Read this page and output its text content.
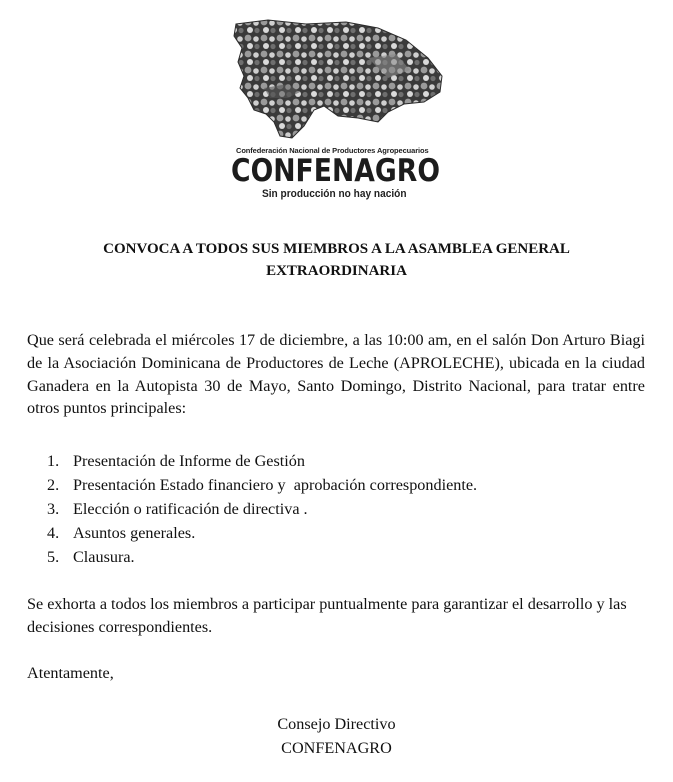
Confederación Nacional de Productores Agropecuarios
CONFENAGRO
Sin producción no hay nación
CONVOCA A TODOS SUS MIEMBROS A LA ASAMBLEA GENERAL
EXTRAORDINARIA
Que será celebrada el miércoles 17 de diciembre, a las 10:00 am, en el salón Don Arturo Biagi de la Asociación Dominicana de Productores de Leche (APROLECHE), ubicada en la ciudad Ganadera en la Autopista 30 de Mayo, Santo Domingo, Distrito Nacional, para tratar entre otros puntos principales:
1. Presentación de Informe de Gestión
2. Presentación Estado financiero y  aprobación correspondiente.
3. Elección o ratificación de directiva .
4. Asuntos generales.
5. Clausura.
Se exhorta a todos los miembros a participar puntualmente para garantizar el desarrollo y las decisiones correspondientes.
Atentamente,
Consejo Directivo
CONFENAGRO
